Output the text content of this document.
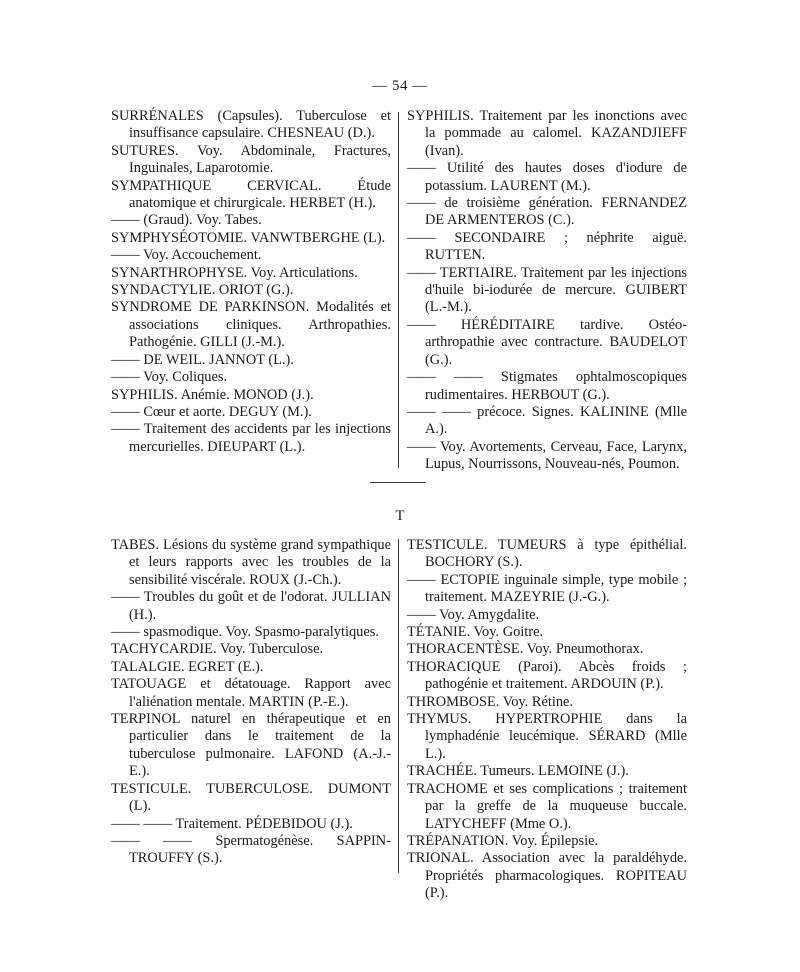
— 54 —
SURRÉNALES (Capsules). Tuberculose et insuffisance capsulaire. CHESNEAU (D.).
SUTURES. Voy. Abdominale, Fractures, Inguinales, Laparotomie.
SYMPATHIQUE CERVICAL. Étude anatomique et chirurgicale. HERBET (H.).
—— (Graud). Voy. Tabes.
SYMPHYSÉOTOMIE. VANWTBERGHE (L).
—— Voy. Accouchement.
SYNARTHROPHYSE. Voy. Articulations.
SYNDACTYLIE. ORIOT (G.).
SYNDROME DE PARKINSON. Modalités et associations cliniques. Arthropathies. Pathogénie. GILLI (J.-M.).
—— DE WEIL. JANNOT (L.).
—— Voy. Coliques.
SYPHILIS. Anémie. MONOD (J.).
—— Cœur et aorte. DEGUY (M.).
—— Traitement des accidents par les injections mercurielles. DIEUPART (L.).
SYPHILIS. Traitement par les inonctions avec la pommade au calomel. KAZANDJIEFF (Ivan).
—— Utilité des hautes doses d'iodure de potassium. LAURENT (M.).
—— de troisième génération. FERNANDEZ DE ARMENTEROS (C.).
—— SECONDAIRE ; néphrite aiguë. RUTTEN.
—— TERTIAIRE. Traitement par les injections d'huile bi-iodurée de mercure. GUIBERT (L.-M.).
—— HÉRÉDITAIRE tardive. Ostéo-arthropathie avec contracture. BAUDELOT (G.).
—— —— Stigmates ophtalmoscopiques rudimentaires. HERBOUT (G.).
—— —— précoce. Signes. KALININE (Mlle A.).
—— Voy. Avortements, Cerveau, Face, Larynx, Lupus, Nourrissons, Nouveau-nés, Poumon.
T
TABES. Lésions du système grand sympathique et leurs rapports avec les troubles de la sensibilité viscérale. ROUX (J.-Ch.).
—— Troubles du goût et de l'odorat. JULLIAN (H.).
—— spasmodique. Voy. Spasmo-paralytiques.
TACHYCARDIE. Voy. Tuberculose.
TALALGIE. EGRET (E.).
TATOUAGE et détatouage. Rapport avec l'aliénation mentale. MARTIN (P.-E.).
TERPINOL naturel en thérapeutique et en particulier dans le traitement de la tuberculose pulmonaire. LAFOND (A.-J.-E.).
TESTICULE. TUBERCULOSE. DUMONT (L).
—— —— Traitement. PÉDEBIDOU (J.).
—— —— Spermatogénèse. SAPPIN-TROUFFY (S.).
TESTICULE. TUMEURS à type épithélial. BOCHORY (S.).
—— ECTOPIE inguinale simple, type mobile ; traitement. MAZEYRIE (J.-G.).
—— Voy. Amygdalite.
TÉTANIE. Voy. Goitre.
THORACENTÈSE. Voy. Pneumothorax.
THORACIQUE (Paroi). Abcès froids ; pathogénie et traitement. ARDOUIN (P.).
THROMBOSE. Voy. Rétine.
THYMUS. HYPERTROPHIE dans la lymphadénie leucémique. SÉRARD (Mlle L.).
TRACHÉE. Tumeurs. LEMOINE (J.).
TRACHOME et ses complications ; traitement par la greffe de la muqueuse buccale. LATYCHEFF (Mme O.).
TRÉPANATION. Voy. Épilepsie.
TRIONAL. Association avec la paraldéhyde. Propriétés pharmacologiques. ROPITEAU (P.).
